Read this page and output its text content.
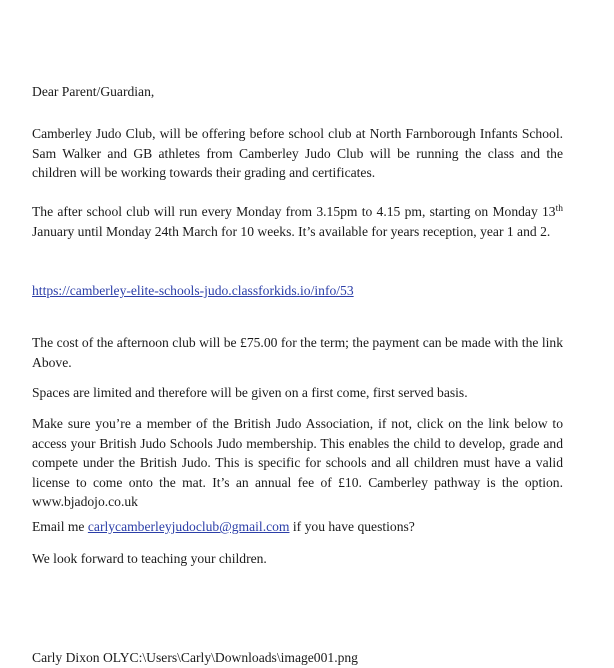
Dear Parent/Guardian,

Camberley Judo Club, will be offering before school club at North Farnborough Infants School. Sam Walker and GB athletes from Camberley Judo Club will be running the class and the children will be working towards their grading and certificates.

The after school club will run every Monday from 3.15pm to 4.15 pm, starting on Monday 13th January until Monday 24th March for 10 weeks. It’s available for years reception, year 1 and 2.

https://camberley-elite-schools-judo.classforkids.io/info/53

The cost of the afternoon club will be £75.00 for the term; the payment can be made with the link Above.

Spaces are limited and therefore will be given on a first come, first served basis.

Make sure you’re a member of the British Judo Association, if not, click on the link below to access your British Judo Schools Judo membership. This enables the child to develop, grade and compete under the British Judo. This is specific for schools and all children must have a valid license to come onto the mat. It’s an annual fee of £10. Camberley pathway is the option. www.bjadojo.co.uk

Email me carlycamberleyjudoclub@gmail.com if you have questions?

We look forward to teaching your children.

Carly Dixon OLYC:\Users\Carly\Downloads\image001.png
